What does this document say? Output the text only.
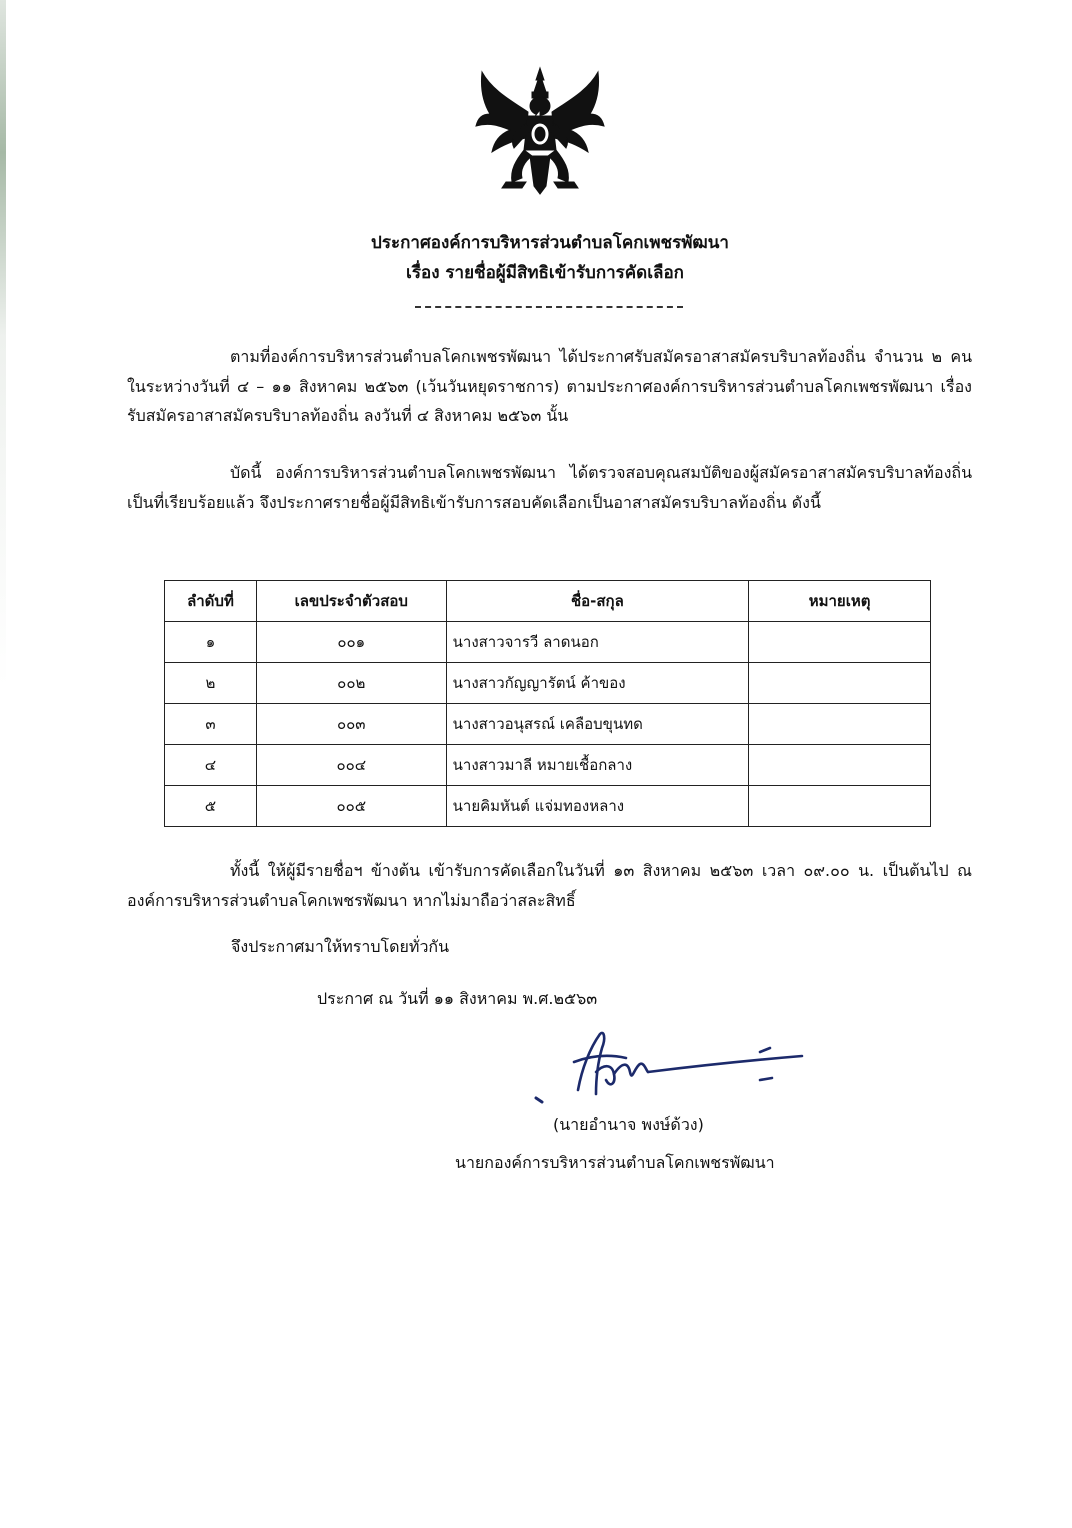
ประกาศองค์การบริหารส่วนตำบลโคกเพชรพัฒนา
เรื่อง รายชื่อผู้มีสิทธิเข้ารับการคัดเลือก

ตามที่องค์การบริหารส่วนตำบลโคกเพชรพัฒนา ได้ประกาศรับสมัครอาสาสมัครบริบาลท้องถิ่น จำนวน ๒ คน ในระหว่างวันที่ ๔ – ๑๑ สิงหาคม ๒๕๖๓ (เว้นวันหยุดราชการ) ตามประกาศองค์การบริหารส่วนตำบลโคกเพชรพัฒนา เรื่อง รับสมัครอาสาสมัครบริบาลท้องถิ่น ลงวันที่ ๔ สิงหาคม ๒๕๖๓ นั้น

บัดนี้ องค์การบริหารส่วนตำบลโคกเพชรพัฒนา ได้ตรวจสอบคุณสมบัติของผู้สมัครอาสาสมัครบริบาลท้องถิ่น เป็นที่เรียบร้อยแล้ว จึงประกาศรายชื่อผู้มีสิทธิเข้ารับการสอบคัดเลือกเป็นอาสาสมัครบริบาลท้องถิ่น ดังนี้

ลำดับที่	เลขประจำตัวสอบ	ชื่อ-สกุล	หมายเหตุ
๑	๐๐๑	นางสาวจารวี ลาดนอก	
๒	๐๐๒	นางสาวกัญญารัตน์ ค้าของ	
๓	๐๐๓	นางสาวอนุสรณ์ เคลือบขุนทด	
๔	๐๐๔	นางสาวมาลี หมายเชื้อกลาง	
๕	๐๐๕	นายคิมหันต์ แจ่มทองหลาง	

ทั้งนี้ ให้ผู้มีรายชื่อฯ ข้างต้น เข้ารับการคัดเลือกในวันที่ ๑๓ สิงหาคม ๒๕๖๓ เวลา ๐๙.๐๐ น. เป็นต้นไป ณ องค์การบริหารส่วนตำบลโคกเพชรพัฒนา หากไม่มาถือว่าสละสิทธิ์

จึงประกาศมาให้ทราบโดยทั่วกัน

ประกาศ ณ วันที่ ๑๑ สิงหาคม พ.ศ.๒๕๖๓

(นายอำนาจ พงษ์ด้วง)

นายกองค์การบริหารส่วนตำบลโคกเพชรพัฒนา
